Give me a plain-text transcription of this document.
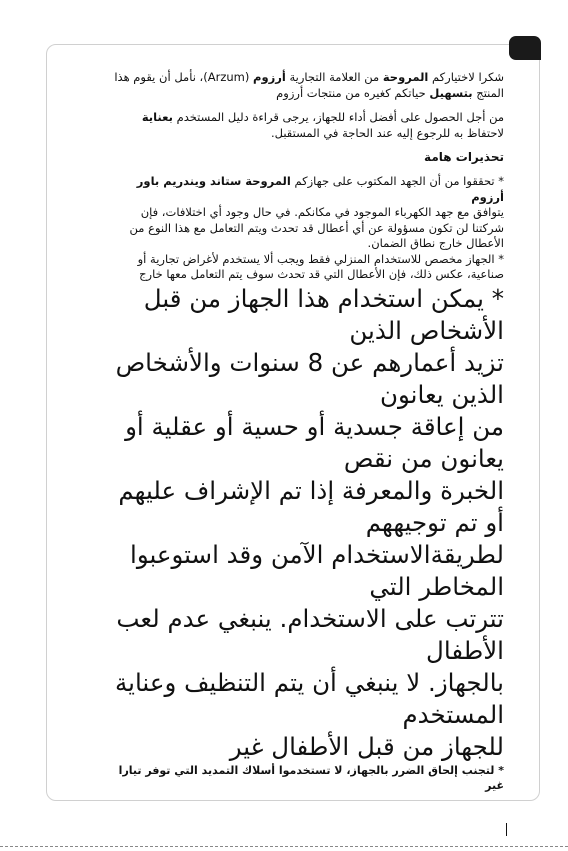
شكرا لاختياركم المروحة من العلامة التجارية أرزوم (Arzum)، نأمل أن يقوم هذا

المنتج بتسهيل حياتكم كغيره من منتجات أرزوم

من أجل الحصول على أفضل أداء للجهاز، يرجى قراءة دليل المستخدم بعناية

لاحتفاظ به للرجوع إليه عند الحاجة في المستقبل.

تحذيرات هامة

* تحققوا من أن الجهد المكتوب على جهازكم المروحة ستاند ويندريم باور أرزوم

يتوافق مع جهد الكهرباء الموجود في مكانكم. في حال وجود أي اختلافات، فإن

شركتنا لن تكون مسؤولة عن أي أعطال قد تحدث ويتم التعامل مع هذا النوع من

الأعطال خارج نطاق الضمان.

* الجهاز مخصص للاستخدام المنزلي فقط ويجب ألا يستخدم لأغراض تجارية أو

صناعية، عكس ذلك، فإن الأعطال التي قد تحدث سوف يتم التعامل معها خارج

* يمكن استخدام هذا الجهاز من قبل الأشخاص الذين

تزيد أعمارهم عن 8 سنوات والأشخاص الذين يعانون

من إعاقة جسدية أو حسية أو عقلية أو يعانون من نقص

الخبرة والمعرفة إذا تم الإشراف عليهم أو تم توجيههم

لطريقةالاستخدام الآمن وقد استوعبوا المخاطر التي

تترتب على الاستخدام. ينبغي عدم لعب الأطفال

بالجهاز. لا ينبغي أن يتم التنظيف وعناية المستخدم

للجهاز من قبل الأطفال غير

* لتجنب إلحاق الضرر بالجهاز، لا تستخدموا أسلاك التمديد التي توفر تيارا غير
